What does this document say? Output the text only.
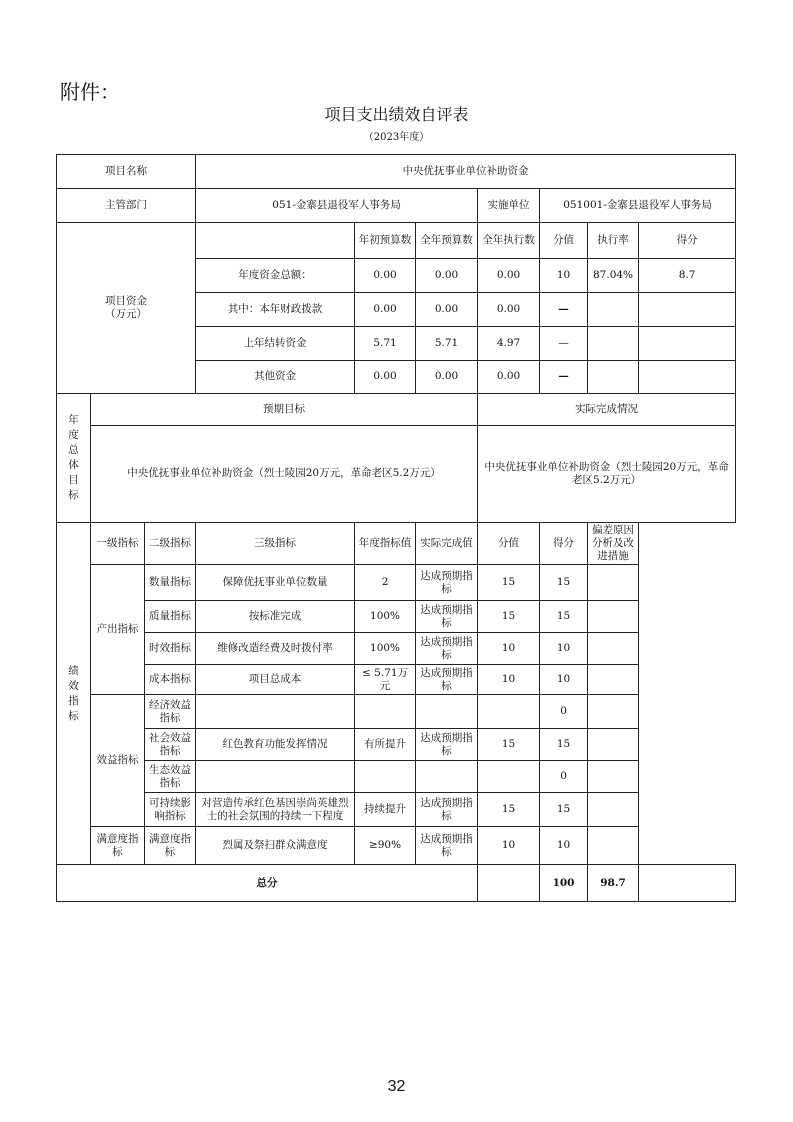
附件：
项目支出绩效自评表
（2023年度）
项目名称			中央优抚事业单位补助资金						
主管部门			051-金寨县退役军人事务局			实施单位	051001-金寨县退役军人事务局		
项目资金
（万元）				年初预算数	全年预算数	全年执行数	分值	执行率	得分
			年度资金总额：	0.00	0.00	0.00	10	87.04%	8.7
			其中：本年财政拨款	0.00	0.00	0.00	—		
			上年结转资金	5.71	5.71	4.97	—		
			其他资金	0.00	0.00	0.00	—		
年度总体目标	预期目标					实际完成情况			
	中央优抚事业单位补助资金（烈士陵园20万元，革命老区5.2万元）					中央优抚事业单位补助资金（烈士陵园20万元，革命老区5.2万元）			
绩效指标	一级指标	二级指标	三级指标	年度指标值	实际完成值	分值	得分	偏差原因分析及改进措施	
	产出指标	数量指标	保障优抚事业单位数量	2	达成预期指标	15	15		
		质量指标	按标准完成	100%	达成预期指标	15	15		
		时效指标	维修改造经费及时拨付率	100%	达成预期指标	10	10		
		成本指标	项目总成本	≤ 5.71万元	达成预期指标	10	10		
	效益指标	经济效益指标					0		
		社会效益指标	红色教育功能发挥情况	有所提升	达成预期指标	15	15		
		生态效益指标					0		
		可持续影响指标	对营造传承红色基因崇尚英雄烈士的社会氛围的持续一下程度	持续提升	达成预期指标	15	15		
	满意度指标	满意度指标	烈属及祭扫群众满意度	≥90%	达成预期指标	10	10		
总分							100	98.7	
32
